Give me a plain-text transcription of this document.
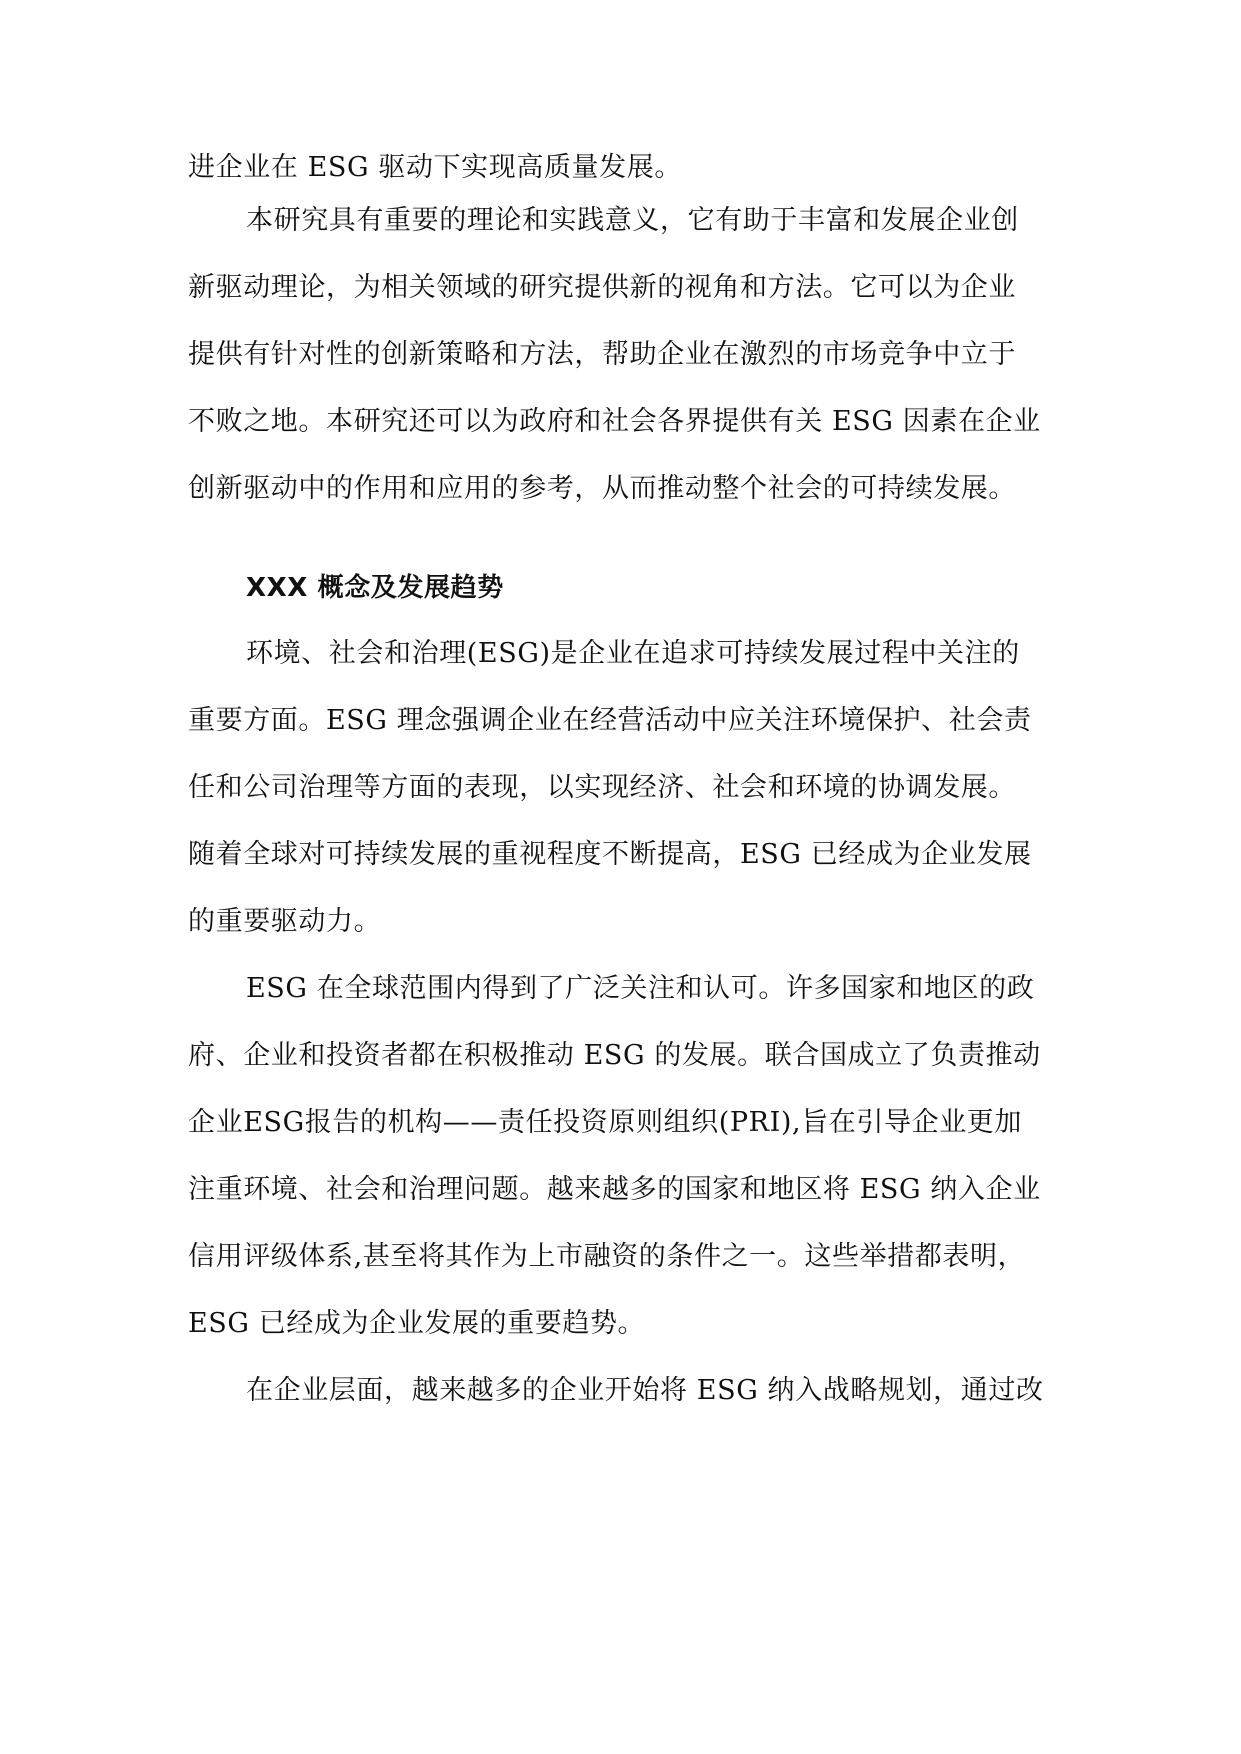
进企业在 ESG 驱动下实现高质量发展。
本研究具有重要的理论和实践意义，它有助于丰富和发展企业创
新驱动理论，为相关领域的研究提供新的视角和方法。它可以为企业
提供有针对性的创新策略和方法，帮助企业在激烈的市场竞争中立于
不败之地。本研究还可以为政府和社会各界提供有关 ESG 因素在企业
创新驱动中的作用和应用的参考，从而推动整个社会的可持续发展。
XXX 概念及发展趋势
环境、社会和治理(ESG)是企业在追求可持续发展过程中关注的
重要方面。ESG 理念强调企业在经营活动中应关注环境保护、社会责
任和公司治理等方面的表现，以实现经济、社会和环境的协调发展。
随着全球对可持续发展的重视程度不断提高，ESG 已经成为企业发展
的重要驱动力。
ESG 在全球范围内得到了广泛关注和认可。许多国家和地区的政
府、企业和投资者都在积极推动 ESG 的发展。联合国成立了负责推动
企业ESG报告的机构——责任投资原则组织(PRI),旨在引导企业更加
注重环境、社会和治理问题。越来越多的国家和地区将 ESG 纳入企业
信用评级体系,甚至将其作为上市融资的条件之一。这些举措都表明，
ESG 已经成为企业发展的重要趋势。
在企业层面，越来越多的企业开始将 ESG 纳入战略规划，通过改
